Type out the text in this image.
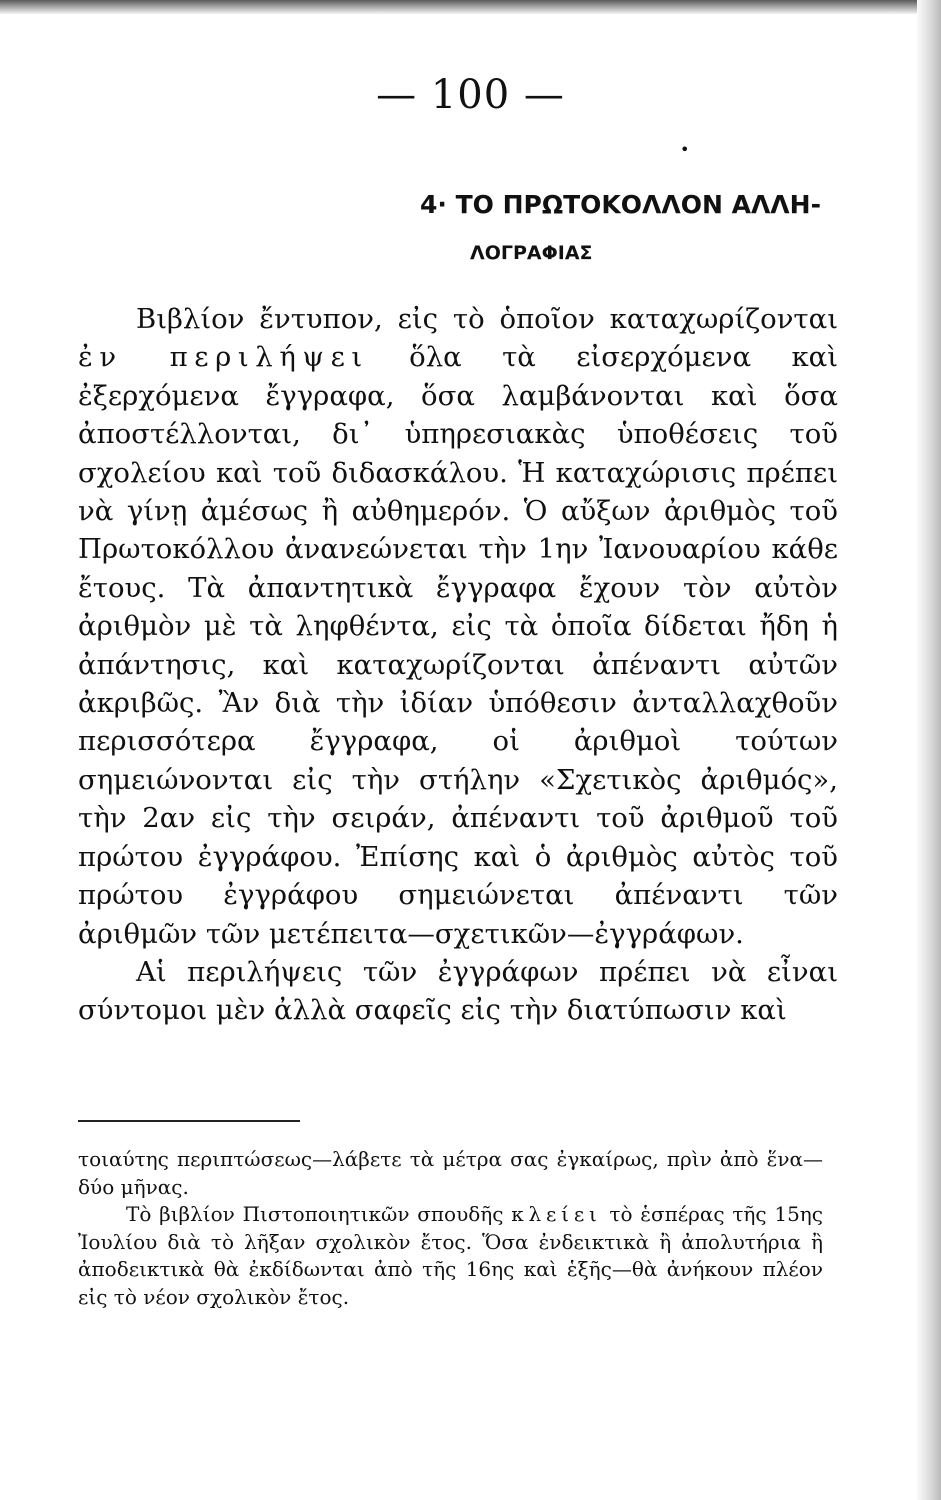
— 100 —
•
4· ΤΟ ΠΡΩΤΟΚΟΛΛΟΝ ΑΛΛΗ-
ΛΟΓΡΑΦΙΑΣ

Βιβλίον ἔντυπον, εἰς τὸ ὁποῖον καταχωρίζονται ἐν περιλήψει ὅλα τὰ εἰσερχόμενα καὶ ἐξερχόμενα ἔγγραφα, ὅσα λαμβάνονται καὶ ὅσα ἀποστέλλονται, δι᾿ ὑπηρεσιακὰς ὑποθέσεις τοῦ σχολείου καὶ τοῦ διδασκάλου. Ἡ καταχώρισις πρέπει νὰ γίνῃ ἀμέσως ἢ αὐθημερόν. Ὁ αὔξων ἀριθμὸς τοῦ Πρωτοκόλλου ἀνανεώνεται τὴν 1ην Ἰανουαρίου κάθε ἔτους. Τὰ ἀπαντητικὰ ἔγγραφα ἔχουν τὸν αὐτὸν ἀριθμὸν μὲ τὰ ληφθέντα, εἰς τὰ ὁποῖα δίδεται ἤδη ἡ ἀπάντησις, καὶ καταχωρίζονται ἀπέναντι αὐτῶν ἀκριβῶς. Ἂν διὰ τὴν ἰδίαν ὑπόθεσιν ἀνταλλαχθοῦν περισσότερα ἔγγραφα, οἱ ἀριθμοὶ τούτων σημειώνονται εἰς τὴν στήλην «Σχετικὸς ἀριθμός», τὴν 2αν εἰς τὴν σειράν, ἀπέναντι τοῦ ἀριθμοῦ τοῦ πρώτου ἐγγράφου. Ἐπίσης καὶ ὁ ἀριθμὸς αὐτὸς τοῦ πρώτου ἐγγράφου σημειώνεται ἀπέναντι τῶν ἀριθμῶν τῶν μετέπειτα—σχετικῶν—ἐγγράφων.

Αἱ περιλήψεις τῶν ἐγγράφων πρέπει νὰ εἶναι σύντομοι μὲν ἀλλὰ σαφεῖς εἰς τὴν διατύπωσιν καὶ

τοιαύτης περιπτώσεως—λάβετε τὰ μέτρα σας ἐγκαίρως, πρὶν ἀπὸ ἕνα—δύο μῆνας.

Τὸ βιβλίον Πιστοποιητικῶν σπουδῆς κλείει τὸ ἑσπέρας τῆς 15ης Ἰουλίου διὰ τὸ λῆξαν σχολικὸν ἔτος. Ὅσα ἐνδεικτικὰ ἢ ἀπολυτήρια ἢ ἀποδεικτικὰ θὰ ἐκδίδωνται ἀπὸ τῆς 16ης καὶ ἑξῆς—θὰ ἀνήκουν πλέον εἰς τὸ νέον σχολικὸν ἔτος.
